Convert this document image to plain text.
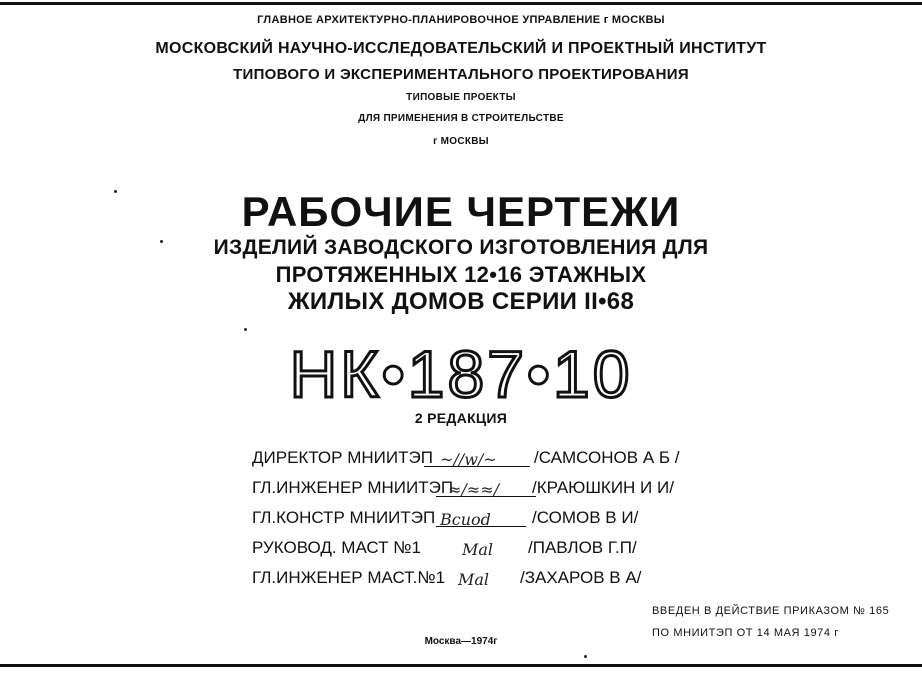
ГЛАВНОЕ АРХИТЕКТУРНО-ПЛАНИРОВОЧНОЕ УПРАВЛЕНИЕ г МОСКВЫ
МОСКОВСКИЙ НАУЧНО-ИССЛЕДОВАТЕЛЬСКИЙ И ПРОЕКТНЫЙ ИНСТИТУТ
ТИПОВОГО И ЭКСПЕРИМЕНТАЛЬНОГО ПРОЕКТИРОВАНИЯ
ТИПОВЫЕ ПРОЕКТЫ
ДЛЯ ПРИМЕНЕНИЯ В СТРОИТЕЛЬСТВЕ
г МОСКВЫ
РАБОЧИЕ ЧЕРТЕЖИ
ИЗДЕЛИЙ ЗАВОДСКОГО ИЗГОТОВЛЕНИЯ ДЛЯ
ПРОТЯЖЕННЫХ 12•16 ЭТАЖНЫХ
ЖИЛЫХ ДОМОВ СЕРИИ II•68
НК•187•10
2 РЕДАКЦИЯ
ДИРЕКТОР МНИИТЭП ~∕∕w∕~ /САМСОНОВ А Б /
ГЛ.ИНЖЕНЕР МНИИТЭП
≈∕≈≈∕ /КРАЮШКИН И И/
ГЛ.КОНСТР МНИИТЭП Bcuod /СОМОВ В И/
РУКОВОД. МАСТ №1	Mal /ПАВЛОВ Г.П/
ГЛ.ИНЖЕНЕР МАСТ.№1 Mal /ЗАХАРОВ В А/
ВВЕДЕН В ДЕЙСТВИЕ ПРИКАЗОМ № 165
ПО МНИИТЭП ОТ 14 МАЯ 1974 г
Москва—1974г
